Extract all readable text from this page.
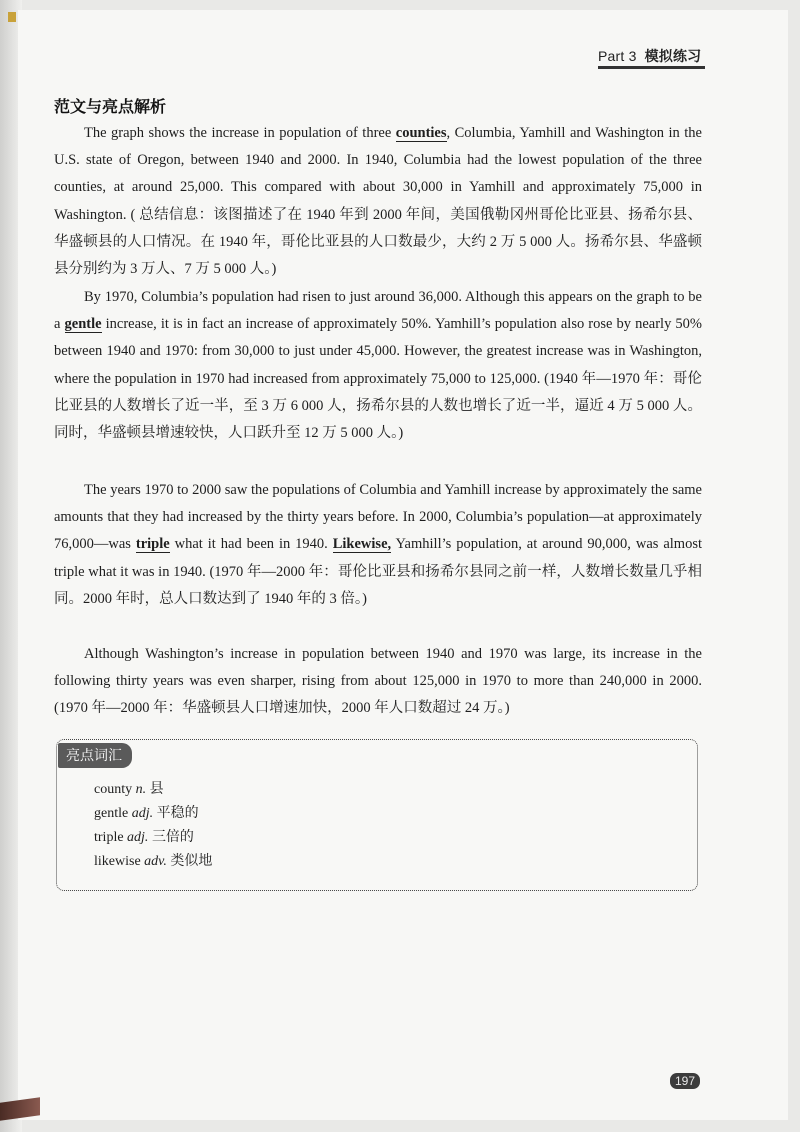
Part 3 模拟练习
范文与亮点解析

The graph shows the increase in population of three counties, Columbia, Yamhill and Washington in the U.S. state of Oregon, between 1940 and 2000. In 1940, Columbia had the lowest population of the three counties, at around 25,000. This compared with about 30,000 in Yamhill and approximately 75,000 in Washington. ( 总结信息：该图描述了在 1940 年到 2000 年间，美国俄勒冈州哥伦比亚县、扬希尔县、华盛顿县的人口情况。在 1940 年，哥伦比亚县的人口数最少，大约 2 万 5 000 人。扬希尔县、华盛顿县分别约为 3 万人、7 万 5 000 人。)

By 1970, Columbia’s population had risen to just around 36,000. Although this appears on the graph to be a gentle increase, it is in fact an increase of approximately 50%. Yamhill’s population also rose by nearly 50% between 1940 and 1970: from 30,000 to just under 45,000. However, the greatest increase was in Washington, where the population in 1970 had increased from approximately 75,000 to 125,000. (1940 年—1970 年：哥伦比亚县的人数增长了近一半，至 3 万 6 000 人，扬希尔县的人数也增长了近一半，逼近 4 万 5 000 人。同时，华盛顿县增速较快，人口跃升至 12 万 5 000 人。)

The years 1970 to 2000 saw the populations of Columbia and Yamhill increase by approximately the same amounts that they had increased by the thirty years before. In 2000, Columbia’s population—at approximately 76,000—was triple what it had been in 1940. Likewise, Yamhill’s population, at around 90,000, was almost triple what it was in 1940. (1970 年—2000 年：哥伦比亚县和扬希尔县同之前一样，人数增长数量几乎相同。2000 年时，总人口数达到了 1940 年的 3 倍。)

Although Washington’s increase in population between 1940 and 1970 was large, its increase in the following thirty years was even sharper, rising from about 125,000 in 1970 to more than 240,000 in 2000. (1970 年—2000 年：华盛顿县人口增速加快，2000 年人口数超过 24 万。)

亮点词汇
county n. 县
gentle adj. 平稳的
triple adj. 三倍的
likewise adv. 类似地
197
